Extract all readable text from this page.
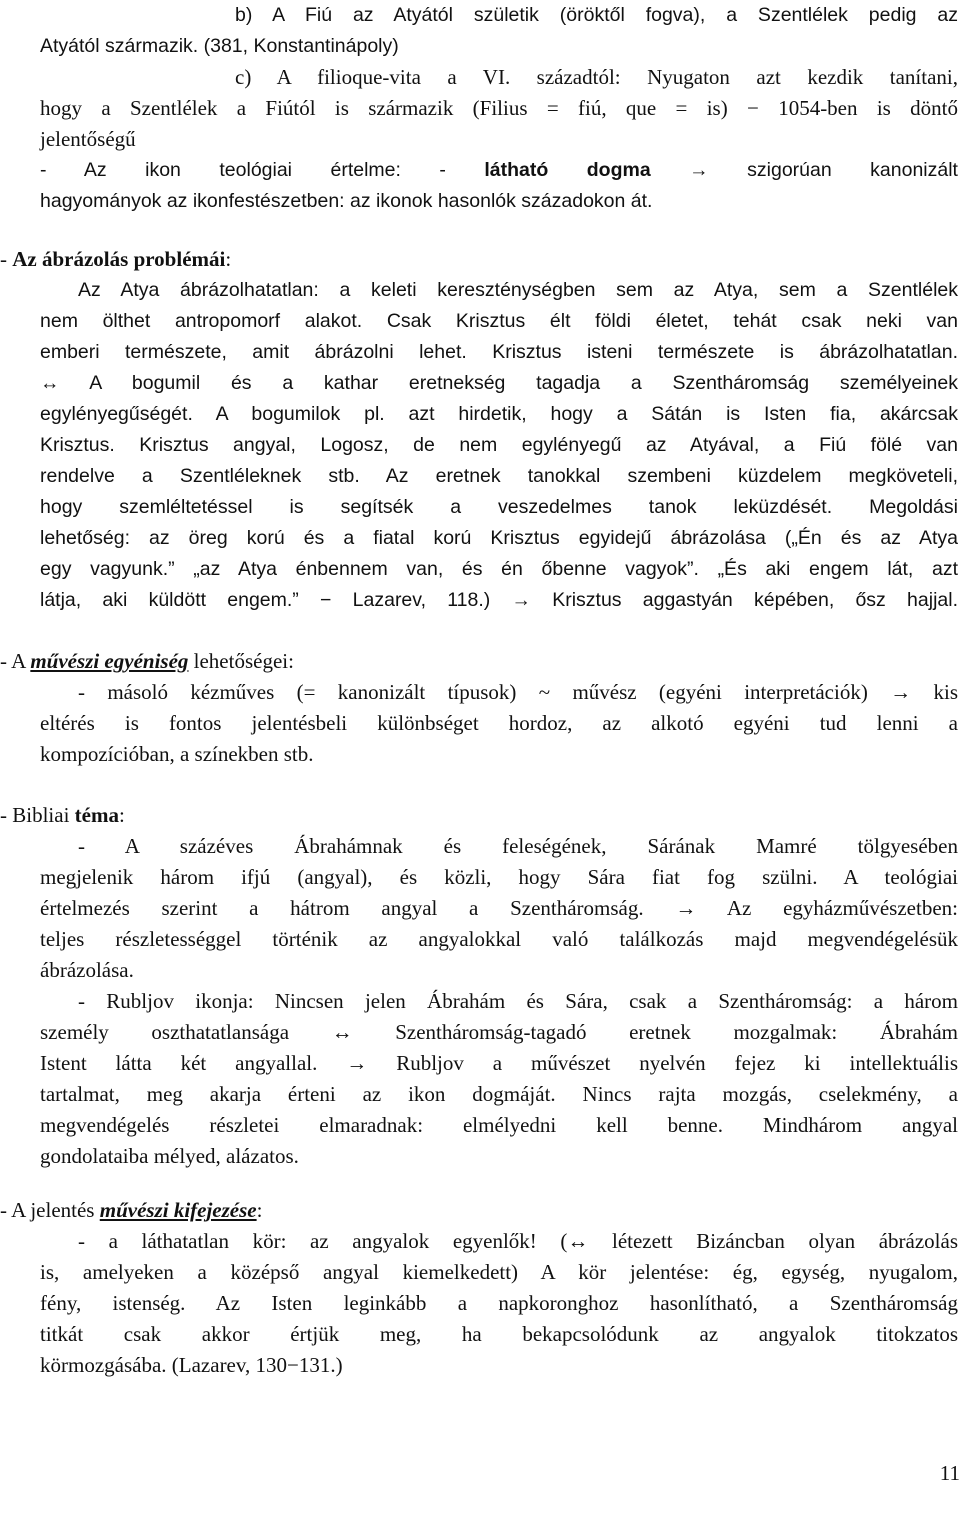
b) A Fiú az Atyától születik (öröktől fogva), a Szentlélek pedig az
Atyától származik. (381, Konstantinápoly)
c) A filioque-vita a VI. századtól: Nyugaton azt kezdik tanítani,
hogy a Szentlélek a Fiútól is származik (Filius = fiú, que = is) − 1054-ben is döntő
jelentőségű
- Az ikon teológiai értelme: - látható dogma → szigorúan kanonizált
hagyományok az ikonfestészetben: az ikonok hasonlók századokon át.
- Az ábrázolás problémái:
Az Atya ábrázolhatatlan: a keleti kereszténységben sem az Atya, sem a Szentlélek
nem ölthet antropomorf alakot. Csak Krisztus élt földi életet, tehát csak neki van
emberi természete, amit ábrázolni lehet. Krisztus isteni természete is ábrázolhatatlan.
↔ A bogumil és a kathar eretnekség tagadja a Szentháromság személyeinek
egylényegűségét. A bogumilok pl. azt hirdetik, hogy a Sátán is Isten fia, akárcsak
Krisztus. Krisztus angyal, Logosz, de nem egylényegű az Atyával, a Fiú fölé van
rendelve a Szentléleknek stb. Az eretnek tanokkal szembeni küzdelem megköveteli,
hogy szemléltetéssel is segítsék a veszedelmes tanok leküzdését. Megoldási
lehetőség: az öreg korú és a fiatal korú Krisztus egyidejű ábrázolása („Én és az Atya
egy vagyunk.” „az Atya énbennem van, és én őbenne vagyok”. „És aki engem lát, azt
látja, aki küldött engem.” − Lazarev, 118.) → Krisztus aggastyán képében, ősz hajjal.
- A művészi egyéniség lehetőségei:
- másoló kézműves (= kanonizált típusok) ~ művész (egyéni interpretációk) → kis
eltérés is fontos jelentésbeli különbséget hordoz, az alkotó egyéni tud lenni a
kompozícióban, a színekben stb.
- Bibliai téma:
- A százéves Ábrahámnak és feleségének, Sárának Mamré tölgyesében
megjelenik három ifjú (angyal), és közli, hogy Sára fiat fog szülni. A teológiai
értelmezés szerint a hátrom angyal a Szentháromság. → Az egyházművészetben:
teljes részletességgel történik az angyalokkal való találkozás majd megvendégelésük
ábrázolása.
- Rubljov ikonja: Nincsen jelen Ábrahám és Sára, csak a Szentháromság: a három
személy oszthatatlansága ↔ Szentháromság-tagadó eretnek mozgalmak: Ábrahám
Istent látta két angyallal. → Rubljov a művészet nyelvén fejez ki intellektuális
tartalmat, meg akarja érteni az ikon dogmáját. Nincs rajta mozgás, cselekmény, a
megvendégelés részletei elmaradnak: elmélyedni kell benne. Mindhárom angyal
gondolataiba mélyed, alázatos.
- A jelentés művészi kifejezése:
- a láthatatlan kör: az angyalok egyenlők! (↔ létezett Bizáncban olyan ábrázolás
is, amelyeken a középső angyal kiemelkedett) A kör jelentése: ég, egység, nyugalom,
fény, istenség. Az Isten leginkább a napkoronghoz hasonlítható, a Szentháromság
titkát csak akkor értjük meg, ha bekapcsolódunk az angyalok titokzatos
körmozgásába. (Lazarev, 130−131.)
11
